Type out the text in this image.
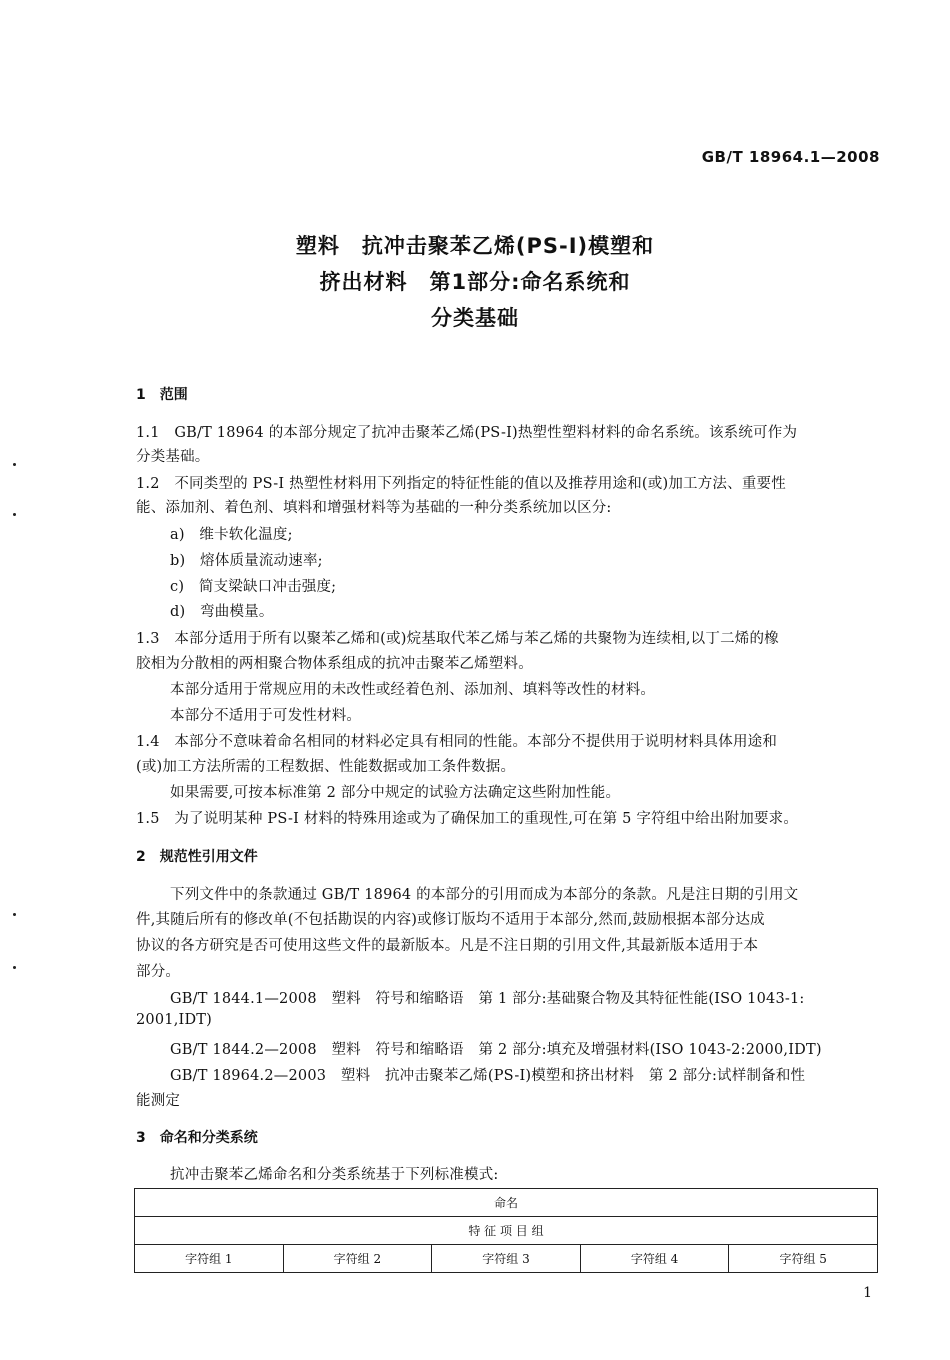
GB/T 18964.1—2008
塑料　抗冲击聚苯乙烯(PS-I)模塑和
挤出材料　第1部分:命名系统和
分类基础
1　范围
1.1　GB/T 18964 的本部分规定了抗冲击聚苯乙烯(PS-I)热塑性塑料材料的命名系统。该系统可作为
分类基础。
1.2　不同类型的 PS-I 热塑性材料用下列指定的特征性能的值以及推荐用途和(或)加工方法、重要性
能、添加剂、着色剂、填料和增强材料等为基础的一种分类系统加以区分:
a)　维卡软化温度;
b)　熔体质量流动速率;
c)　简支梁缺口冲击强度;
d)　弯曲模量。
1.3　本部分适用于所有以聚苯乙烯和(或)烷基取代苯乙烯与苯乙烯的共聚物为连续相,以丁二烯的橡
胶相为分散相的两相聚合物体系组成的抗冲击聚苯乙烯塑料。
本部分适用于常规应用的未改性或经着色剂、添加剂、填料等改性的材料。
本部分不适用于可发性材料。
1.4　本部分不意味着命名相同的材料必定具有相同的性能。本部分不提供用于说明材料具体用途和
(或)加工方法所需的工程数据、性能数据或加工条件数据。
如果需要,可按本标准第 2 部分中规定的试验方法确定这些附加性能。
1.5　为了说明某种 PS-I 材料的特殊用途或为了确保加工的重现性,可在第 5 字符组中给出附加要求。
2　规范性引用文件
下列文件中的条款通过 GB/T 18964 的本部分的引用而成为本部分的条款。凡是注日期的引用文
件,其随后所有的修改单(不包括勘误的内容)或修订版均不适用于本部分,然而,鼓励根据本部分达成
协议的各方研究是否可使用这些文件的最新版本。凡是不注日期的引用文件,其最新版本适用于本
部分。
GB/T 1844.1—2008　塑料　符号和缩略语　第 1 部分:基础聚合物及其特征性能(ISO 1043-1:
2001,IDT)
GB/T 1844.2—2008　塑料　符号和缩略语　第 2 部分:填充及增强材料(ISO 1043-2:2000,IDT)
GB/T 18964.2—2003　塑料　抗冲击聚苯乙烯(PS-I)模塑和挤出材料　第 2 部分:试样制备和性
能测定
3　命名和分类系统
抗冲击聚苯乙烯命名和分类系统基于下列标准模式:
命名
特 征 项 目 组
字符组 1	字符组 2	字符组 3	字符组 4	字符组 5
1
